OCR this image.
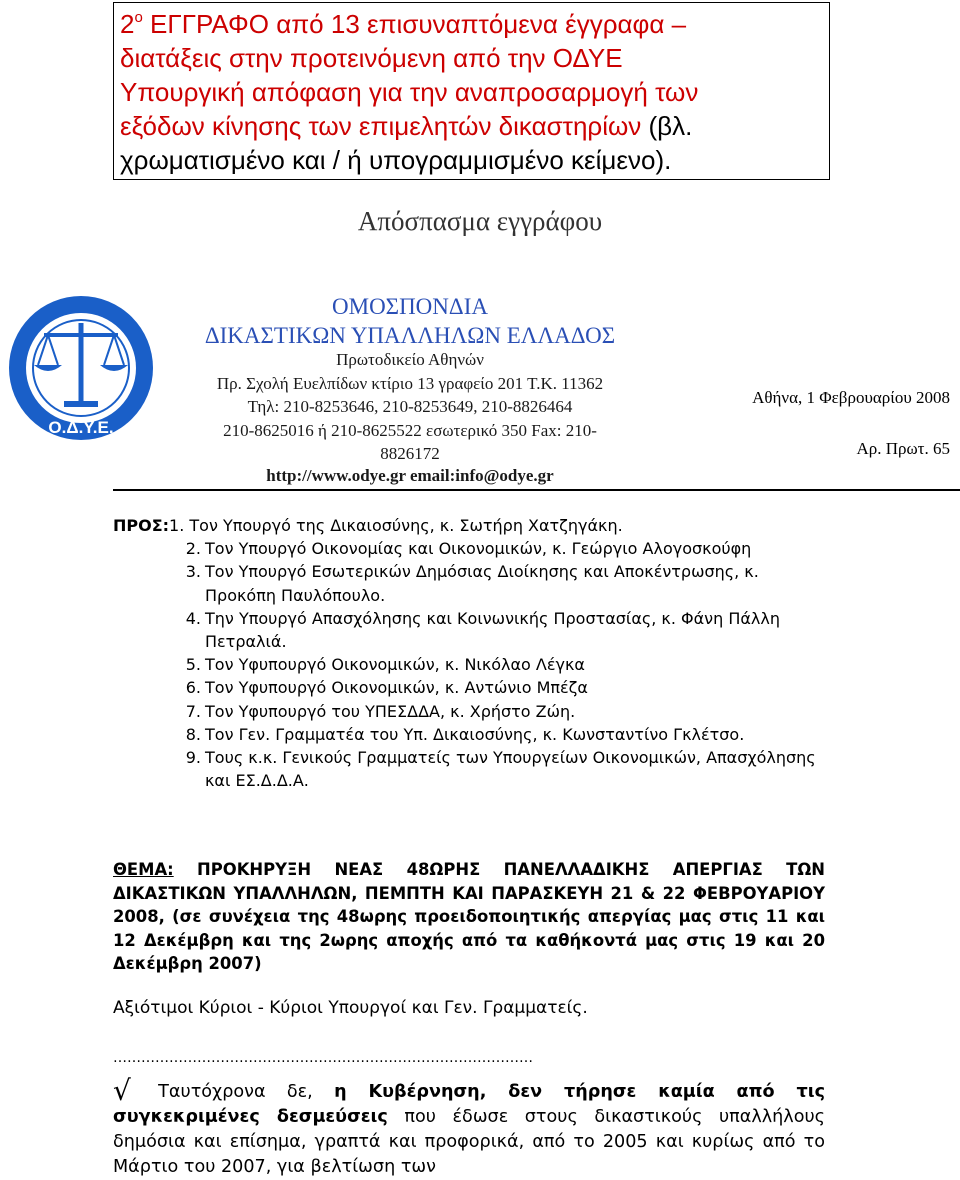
$2^o$ ΕΓΓΡΑΦΟ από 13 επισυναπτόμενα έγγραφα –
διατάξεις στην προτεινόμενη από την ΟΔΥΕ
Υπουργική απόφαση για την αναπροσαρμογή των
εξόδων κίνησης των επιμελητών δικαστηρίων (βλ.
χρωματισμένο και / ή υπογραμμισμένο κείμενο).
Απόσπασμα εγγράφου
Ο.Δ.Υ.Ε.
ΟΜΟΣΠΟΝΔΙΑ
ΔΙΚΑΣΤΙΚΩΝ ΥΠΑΛΛΗΛΩΝ ΕΛΛΑΔΟΣ
Πρωτοδικείο Αθηνών
Πρ. Σχολή Ευελπίδων κτίριο 13 γραφείο 201 Τ.Κ. 11362
Τηλ: 210-8253646, 210-8253649, 210-8826464
210-8625016 ή 210-8625522 εσωτερικό 350 Fax: 210-
8826172
http://www.odye.gr email:info@odye.gr
Αθήνα, 1 Φεβρουαρίου 2008
Αρ. Πρωτ. 65
ΠΡΟΣ: 1.
Τον Υπουργό της Δικαιοσύνης, κ. Σωτήρη Χατζηγάκη.
2. Τον Υπουργό Οικονομίας και Οικονομικών, κ. Γεώργιο Αλογοσκούφη
3. Τον Υπουργό Εσωτερικών Δημόσιας Διοίκησης και Αποκέντρωσης, κ. Προκόπη Παυλόπουλο.
4. Την Υπουργό Απασχόλησης και Κοινωνικής Προστασίας, κ. Φάνη Πάλλη Πετραλιά.
5. Τον Υφυπουργό Οικονομικών, κ. Νικόλαο Λέγκα
6. Τον Υφυπουργό Οικονομικών, κ. Αντώνιο Μπέζα
7. Τον Υφυπουργό του ΥΠΕΣΔΔΑ, κ. Χρήστο Ζώη.
8. Τον Γεν. Γραμματέα του Υπ. Δικαιοσύνης, κ. Κωνσταντίνο Γκλέτσο.
9. Τους κ.κ. Γενικούς Γραμματείς των Υπουργείων Οικονομικών, Απασχόλησης και ΕΣ.Δ.Δ.Α.
ΘΕΜΑ: ΠΡΟΚΗΡΥΞΗ ΝΕΑΣ 48ΩΡΗΣ ΠΑΝΕΛΛΑΔΙΚΗΣ ΑΠΕΡΓΙΑΣ ΤΩΝ ΔΙΚΑΣΤΙΚΩΝ ΥΠΑΛΛΗΛΩΝ, ΠΕΜΠΤΗ ΚΑΙ ΠΑΡΑΣΚΕΥΗ 21 & 22 ΦΕΒΡΟΥΑΡΙΟΥ 2008, (σε συνέχεια της 48ωρης προειδοποιητικής απεργίας μας στις 11 και 12 Δεκέμβρη και της 2ωρης αποχής από τα καθήκοντά μας στις 19 και 20 Δεκέμβρη 2007)
Αξιότιμοι Κύριοι - Κύριοι Υπουργοί και Γεν. Γραμματείς.
………………………………………………………………………………
√ Ταυτόχρονα δε, η Κυβέρνηση, δεν τήρησε καμία από τις συγκεκριμένες δεσμεύσεις που έδωσε στους δικαστικούς υπαλλήλους δημόσια και επίσημα, γραπτά και προφορικά, από το 2005 και κυρίως από το Μάρτιο του 2007, για βελτίωση των
